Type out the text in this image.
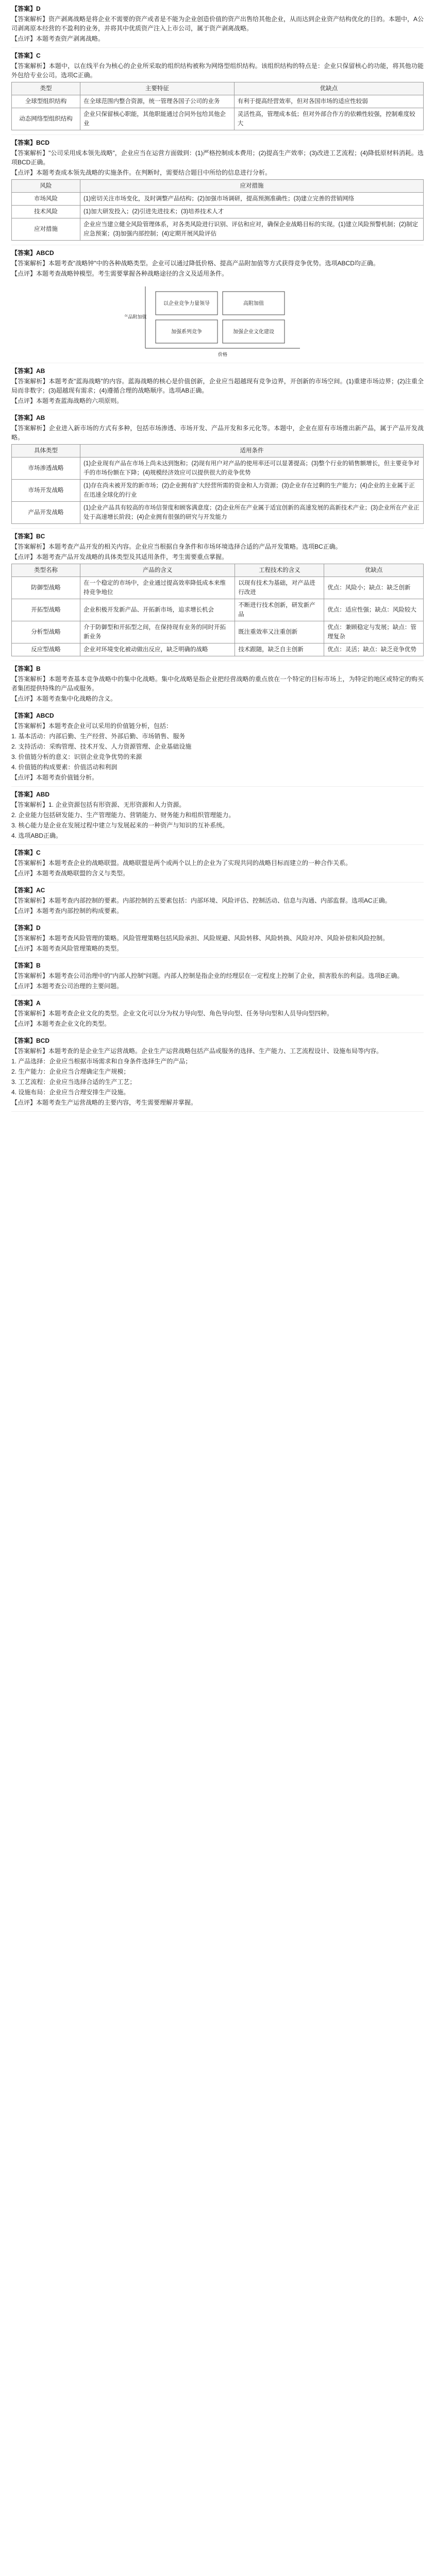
【答案】D
【答案解析】资产剥离战略是将企业不需要的资产或者是不能为企业创造价值的资产出售给其他企业，从而达到企业资产结构优化的目的。本题中，A公司剥离原本经营的不盈利的业务，并将其中优质资产注入上市公司，属于资产剥离战略。
【点评】本题考查资产剥离战略。
【答案】C
【答案解析】本题中，以在线平台为核心的企业所采取的组织结构被称为网络型组织结构。该组织结构的特点是：企业只保留核心的功能，将其他功能外包给专业公司。选项C正确。
类型	主要特征	优缺点
全球型组织结构	在全球范围内整合资源，统一管理各国子公司的业务	有利于提高经营效率，但对各国市场的适应性较弱
动态网络型组织结构	企业只保留核心职能，其他职能通过合同外包给其他企业	灵活性高，管理成本低；但对外部合作方的依赖性较强，控制难度较大
【答案】BCD
【答案解析】"公司采用成本领先战略"，企业应当在运营方面做到：(1)严格控制成本费用；(2)提高生产效率；(3)改进工艺流程；(4)降低原材料消耗。选项BCD正确。
【点评】本题考查成本领先战略的实施条件。在判断时，需要结合题目中所给的信息进行分析。
风险	应对措施
市场风险	(1)密切关注市场变化，及时调整产品结构；(2)加强市场调研，提高预测准确性；(3)建立完善的营销网络
技术风险	(1)加大研发投入；(2)引进先进技术；(3)培养技术人才
应对措施	企业应当建立健全风险管理体系，对各类风险进行识别、评估和应对，确保企业战略目标的实现。(1)建立风险预警机制；(2)制定应急预案；(3)加强内部控制；(4)定期开展风险评估
【答案】ABCD
【答案解析】本题考查"战略钟"中的各种战略类型。企业可以通过降低价格、提高产品附加值等方式获得竞争优势。选项ABCD均正确。
【点评】本题考查战略钟模型。考生需要掌握各种战略途径的含义及适用条件。
以企业竞争力量领导	高附加值
加强系列竞争	加强企业文化建设
产品附加值
价格
【答案】AB
【答案解析】本题考查"蓝海战略"的内容。蓝海战略的核心是价值创新，企业应当超越现有竞争边界，开创新的市场空间。(1)重建市场边界；(2)注重全局而非数字；(3)超越现有需求；(4)遵循合理的战略顺序。选项AB正确。
【点评】本题考查蓝海战略的六项原则。
【答案】AB
【答案解析】企业进入新市场的方式有多种，包括市场渗透、市场开发、产品开发和多元化等。本题中，企业在原有市场推出新产品，属于产品开发战略。
具体类型	适用条件
市场渗透战略	(1)企业现有产品在市场上尚未达到饱和；(2)现有用户对产品的使用率还可以显著提高；(3)整个行业的销售额增长，但主要竞争对手的市场份额在下降；(4)规模经济效应可以提供很大的竞争优势
市场开发战略	(1)存在尚未被开发的新市场；(2)企业拥有扩大经营所需的资金和人力资源；(3)企业存在过剩的生产能力；(4)企业的主业属于正在迅速全球化的行业
产品开发战略	(1)企业产品具有较高的市场信誉度和顾客满意度；(2)企业所在产业属于适宜创新的高速发展的高新技术产业；(3)企业所在产业正处于高速增长阶段；(4)企业拥有很强的研究与开发能力
【答案】BC
【答案解析】本题考查产品开发的相关内容。企业应当根据自身条件和市场环境选择合适的产品开发策略。选项BC正确。
【点评】本题考查产品开发战略的具体类型及其适用条件，考生需要重点掌握。
类型名称	产品的含义	工程技术的含义	优缺点
防御型战略	在一个稳定的市场中，企业通过提高效率降低成本来维持竞争地位	以现有技术为基础，对产品进行改进	优点：风险小；缺点：缺乏创新
开拓型战略	企业积极开发新产品、开拓新市场，追求增长机会	不断进行技术创新，研发新产品	优点：适应性强；缺点：风险较大
分析型战略	介于防御型和开拓型之间，在保持现有业务的同时开拓新业务	既注重效率又注重创新	优点：兼顾稳定与发展；缺点：管理复杂
反应型战略	企业对环境变化被动做出反应，缺乏明确的战略	技术跟随，缺乏自主创新	优点：灵活；缺点：缺乏竞争优势
【答案】B
【答案解析】本题考查基本竞争战略中的集中化战略。集中化战略是指企业把经营战略的重点放在一个特定的目标市场上，为特定的地区或特定的购买者集团提供特殊的产品或服务。
【点评】本题考查集中化战略的含义。
【答案】ABCD
【答案解析】本题考查企业可以采用的价值链分析，包括：
1. 基本活动：内部后勤、生产经营、外部后勤、市场销售、服务
2. 支持活动：采购管理、技术开发、人力资源管理、企业基础设施
3. 价值链分析的意义：识别企业竞争优势的来源
4. 价值链的构成要素：价值活动和利润
【点评】本题考查价值链分析。
【答案】ABD
【答案解析】1. 企业资源包括有形资源、无形资源和人力资源。
2. 企业能力包括研发能力、生产管理能力、营销能力、财务能力和组织管理能力。
3. 核心能力是企业在发展过程中建立与发展起来的一种资产与知识的互补系统。
4. 选项ABD正确。
【答案】C
【答案解析】本题考查企业的战略联盟。战略联盟是两个或两个以上的企业为了实现共同的战略目标而建立的一种合作关系。
【点评】本题考查战略联盟的含义与类型。
【答案】AC
【答案解析】本题考查内部控制的要素。内部控制的五要素包括：内部环境、风险评估、控制活动、信息与沟通、内部监督。选项AC正确。
【点评】本题考查内部控制的构成要素。
【答案】D
【答案解析】本题考查风险管理的策略。风险管理策略包括风险承担、风险规避、风险转移、风险转换、风险对冲、风险补偿和风险控制。
【点评】本题考查风险管理策略的类型。
【答案】B
【答案解析】本题考查公司治理中的"内部人控制"问题。内部人控制是指企业的经理层在一定程度上控制了企业，损害股东的利益。选项B正确。
【点评】本题考查公司治理的主要问题。
【答案】A
【答案解析】本题考查企业文化的类型。企业文化可以分为权力导向型、角色导向型、任务导向型和人员导向型四种。
【点评】本题考查企业文化的类型。
【答案】BCD
【答案解析】本题考查的是企业生产运营战略。企业生产运营战略包括产品或服务的选择、生产能力、工艺流程设计、设施布局等内容。
1. 产品选择：企业应当根据市场需求和自身条件选择生产的产品；
2. 生产能力：企业应当合理确定生产规模；
3. 工艺流程：企业应当选择合适的生产工艺；
4. 设施布局：企业应当合理安排生产设施。
【点评】本题考查生产运营战略的主要内容，考生需要理解并掌握。
